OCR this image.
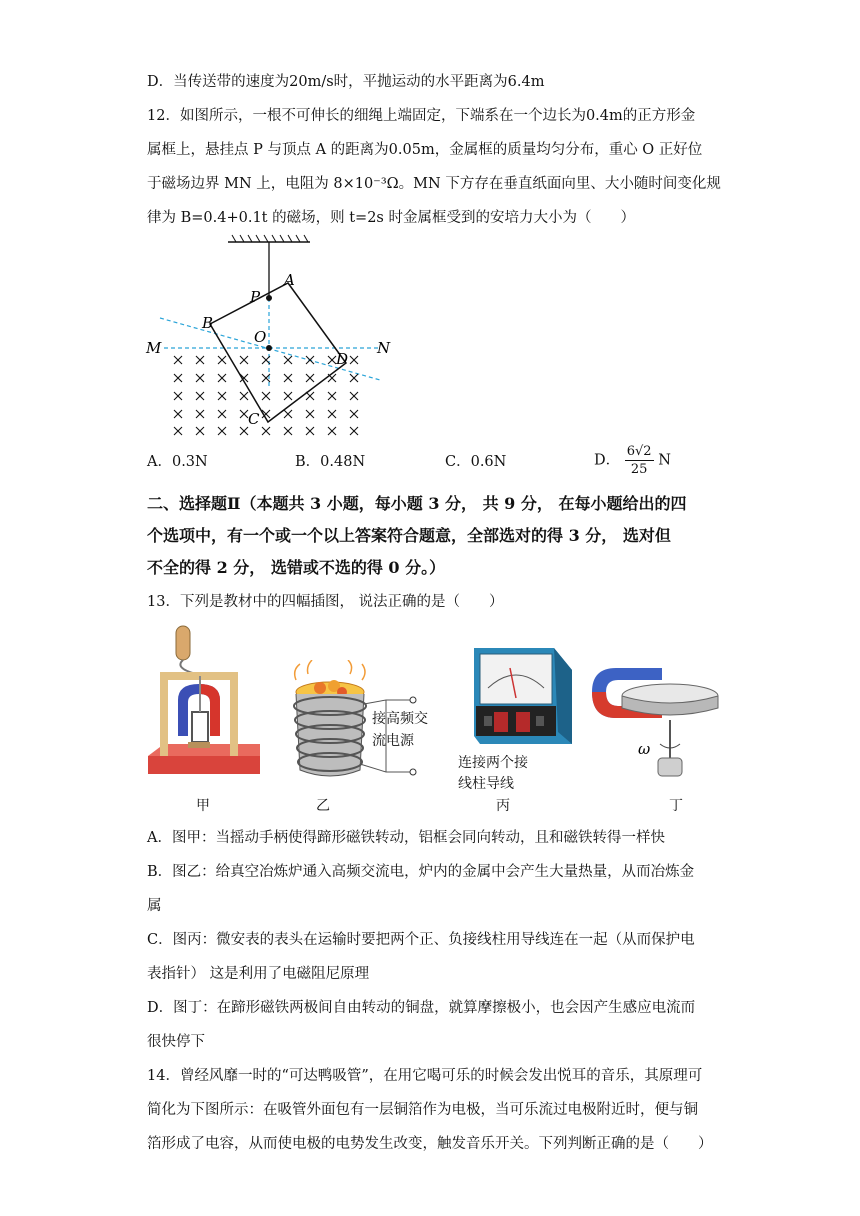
D．当传送带的速度为20m/s时，平抛运动的水平距离为6.4m
12．如图所示，一根不可伸长的细绳上端固定，下端系在一个边长为0.4m的正方形金
属框上，悬挂点 P 与顶点 A 的距离为0.05m，金属框的质量均匀分布，重心 O 正好位
于磁场边界 MN 上，电阻为 8×10⁻³Ω。MN 下方存在垂直纸面向里、大小随时间变化规
律为 B=0.4+0.1t 的磁场，则 t=2s 时金属框受到的安培力大小为（　　）
P
A
B
O
M	N
D
C
A．0.3N	B．0.48N	C．0.6N	D． $\frac{6√2}{25}$ N
二、选择题Ⅱ（本题共 3 小题，每小题 3 分， 共 9 分， 在每小题给出的四
个选项中，有一个或一个以上答案符合题意，全部选对的得 3 分， 选对但
不全的得 2 分， 选错或不选的得 0 分。）
13．下列是教材中的四幅插图， 说法正确的是（　　）
甲
接高频交
流电源
乙
连接两个接
线柱导线
丙
ω
丁
A．图甲：当摇动手柄使得蹄形磁铁转动，铝框会同向转动，且和磁铁转得一样快
B．图乙：给真空冶炼炉通入高频交流电，炉内的金属中会产生大量热量，从而冶炼金
属
C．图丙：微安表的表头在运输时要把两个正、负接线柱用导线连在一起（从而保护电
表指针） 这是利用了电磁阻尼原理
D．图丁：在蹄形磁铁两极间自由转动的铜盘，就算摩擦极小，也会因产生感应电流而
很快停下
14．曾经风靡一时的“可达鸭吸管”，在用它喝可乐的时候会发出悦耳的音乐，其原理可
简化为下图所示：在吸管外面包有一层铜箔作为电极，当可乐流过电极附近时，便与铜
箔形成了电容，从而使电极的电势发生改变，触发音乐开关。下列判断正确的是（　　）
